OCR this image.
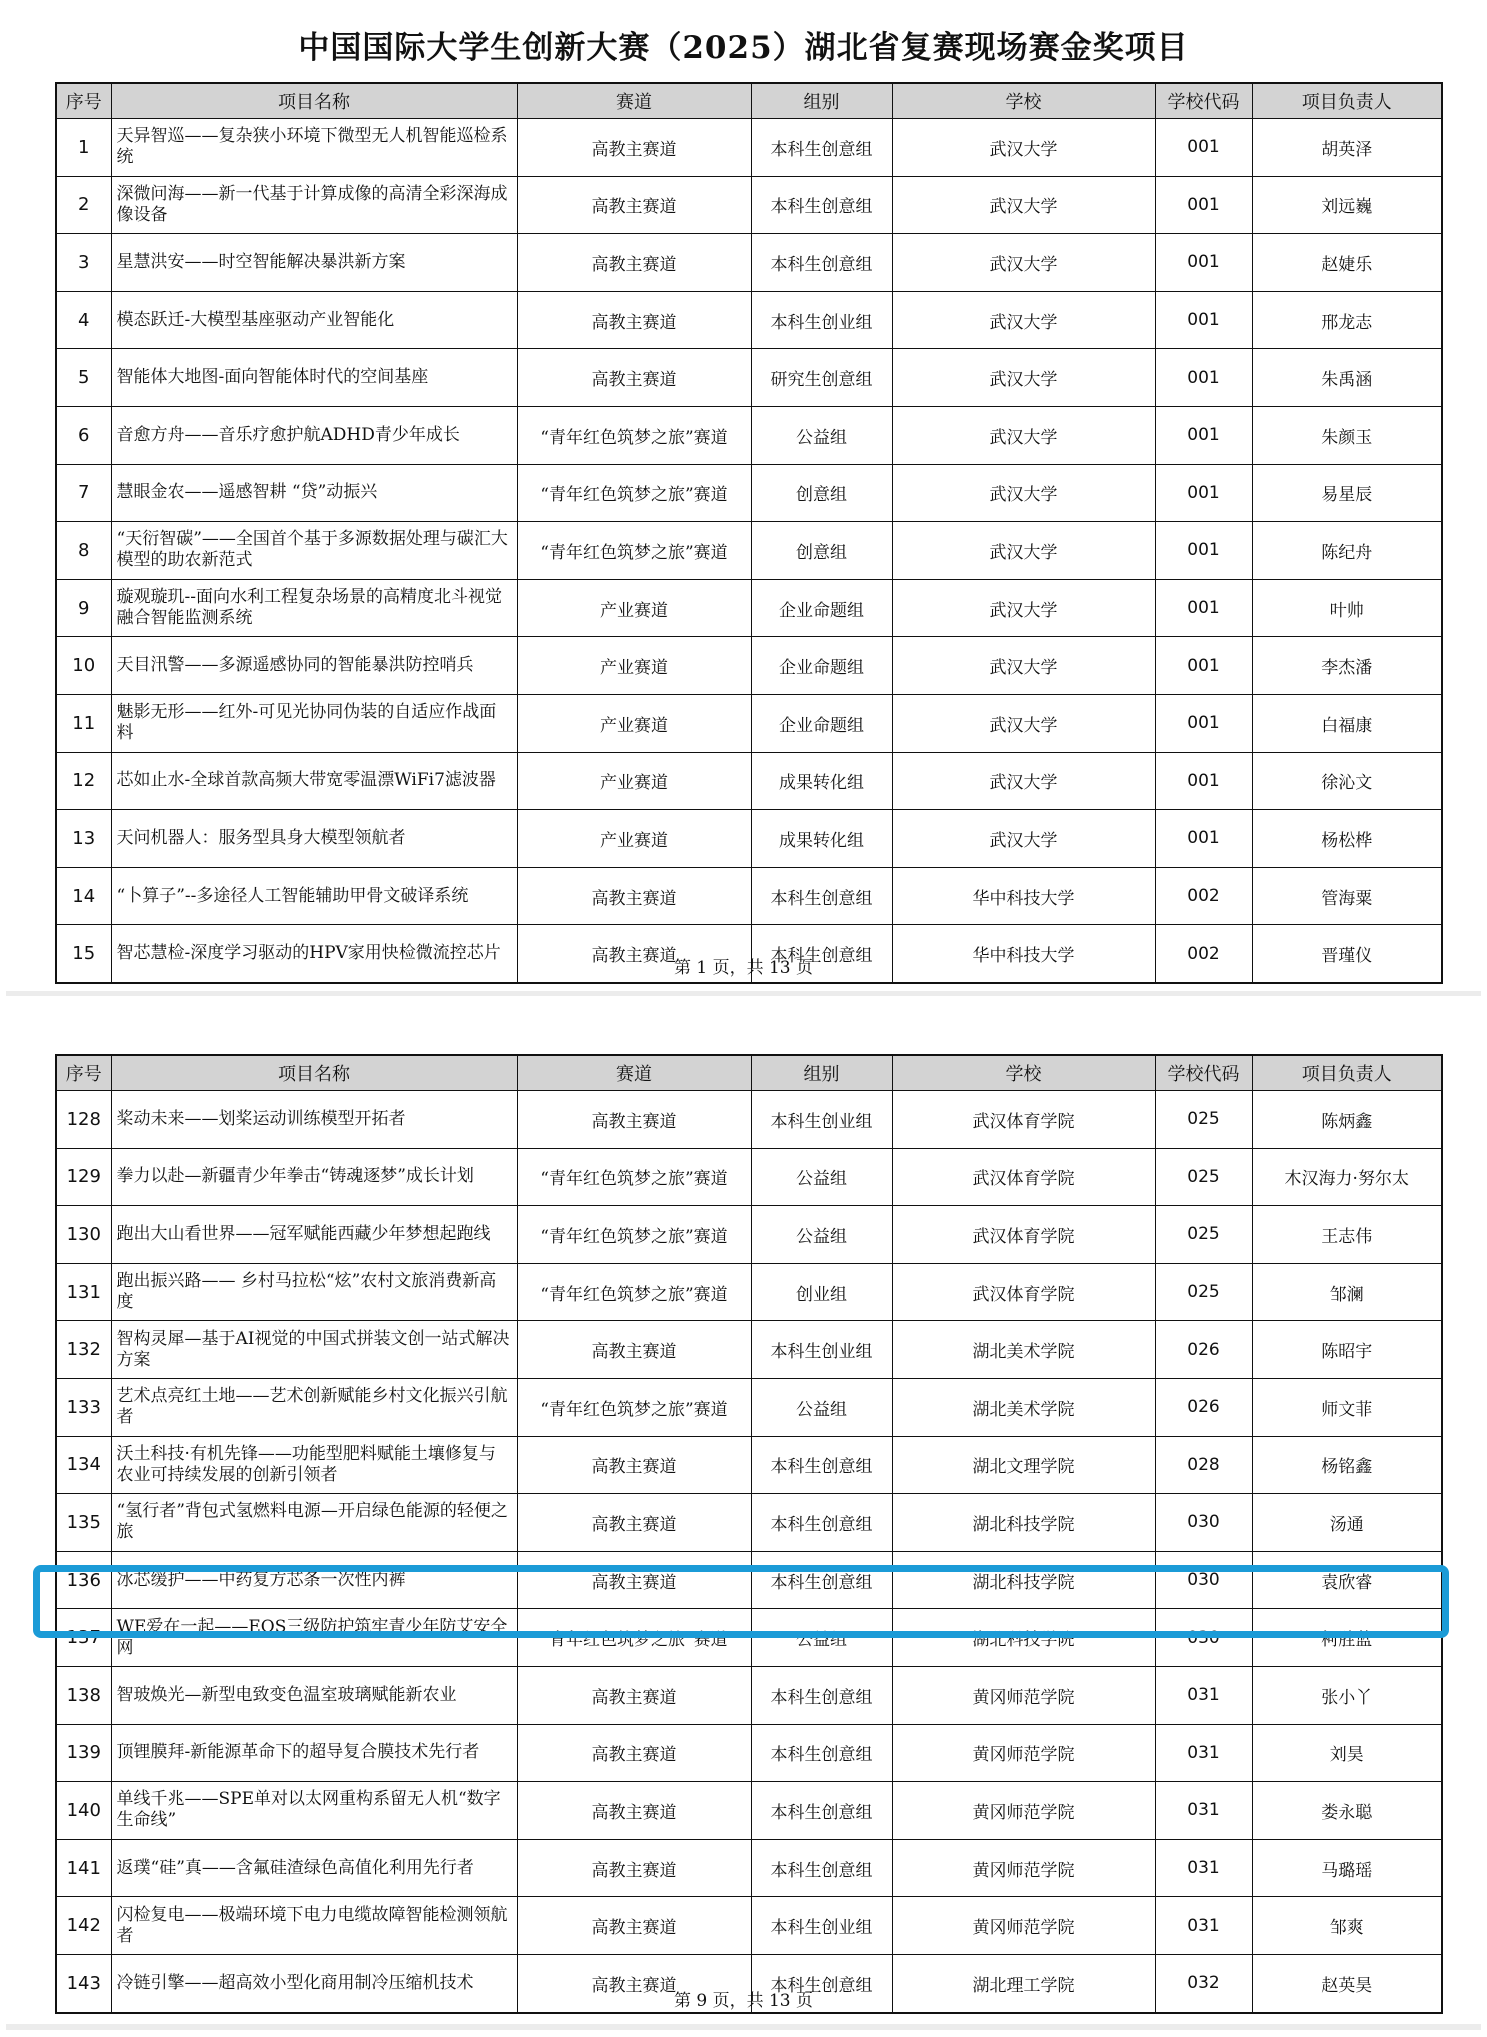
中国国际大学生创新大赛（2025）湖北省复赛现场赛金奖项目
序号	项目名称	赛道	组别	学校	学校代码	项目负责人
1	天异智巡——复杂狭小环境下微型无人机智能巡检系统	高教主赛道	本科生创意组	武汉大学	001	胡英泽
2	深微问海——新一代基于计算成像的高清全彩深海成像设备	高教主赛道	本科生创意组	武汉大学	001	刘远巍
3	星慧洪安——时空智能解决暴洪新方案	高教主赛道	本科生创意组	武汉大学	001	赵婕乐
4	模态跃迁-大模型基座驱动产业智能化	高教主赛道	本科生创业组	武汉大学	001	邢龙志
5	智能体大地图-面向智能体时代的空间基座	高教主赛道	研究生创意组	武汉大学	001	朱禹涵
6	音愈方舟——音乐疗愈护航ADHD青少年成长	“青年红色筑梦之旅”赛道	公益组	武汉大学	001	朱颜玉
7	慧眼金农——遥感智耕 “贷”动振兴	“青年红色筑梦之旅”赛道	创意组	武汉大学	001	易星辰
8	“天衍智碳”——全国首个基于多源数据处理与碳汇大模型的助农新范式	“青年红色筑梦之旅”赛道	创意组	武汉大学	001	陈纪舟
9	璇观璇玑--面向水利工程复杂场景的高精度北斗视觉融合智能监测系统	产业赛道	企业命题组	武汉大学	001	叶帅
10	天目汛警——多源遥感协同的智能暴洪防控哨兵	产业赛道	企业命题组	武汉大学	001	李杰潘
11	魅影无形——红外-可见光协同伪装的自适应作战面料	产业赛道	企业命题组	武汉大学	001	白福康
12	芯如止水-全球首款高频大带宽零温漂WiFi7滤波器	产业赛道	成果转化组	武汉大学	001	徐沁文
13	天问机器人：服务型具身大模型领航者	产业赛道	成果转化组	武汉大学	001	杨松桦
14	“卜算子”--多途径人工智能辅助甲骨文破译系统	高教主赛道	本科生创意组	华中科技大学	002	管海粟
15	智芯慧检-深度学习驱动的HPV家用快检微流控芯片	高教主赛道	本科生创意组	华中科技大学	002	晋瑾仪
第 1 页，共 13 页
序号	项目名称	赛道	组别	学校	学校代码	项目负责人
128	桨动未来——划桨运动训练模型开拓者	高教主赛道	本科生创业组	武汉体育学院	025	陈炳鑫
129	拳力以赴—新疆青少年拳击“铸魂逐梦”成长计划	“青年红色筑梦之旅”赛道	公益组	武汉体育学院	025	木汉海力·努尔太
130	跑出大山看世界——冠军赋能西藏少年梦想起跑线	“青年红色筑梦之旅”赛道	公益组	武汉体育学院	025	王志伟
131	跑出振兴路—— 乡村马拉松“炫”农村文旅消费新高度	“青年红色筑梦之旅”赛道	创业组	武汉体育学院	025	邹澜
132	智构灵犀—基于AI视觉的中国式拼装文创一站式解决方案	高教主赛道	本科生创业组	湖北美术学院	026	陈昭宇
133	艺术点亮红土地——艺术创新赋能乡村文化振兴引航者	“青年红色筑梦之旅”赛道	公益组	湖北美术学院	026	师文菲
134	沃土科技·有机先锋——功能型肥料赋能土壤修复与农业可持续发展的创新引领者	高教主赛道	本科生创意组	湖北文理学院	028	杨铭鑫
135	“氢行者”背包式氢燃料电源—开启绿色能源的轻便之旅	高教主赛道	本科生创意组	湖北科技学院	030	汤通
136	冰芯缓护——中药复方芯条一次性内裤	高教主赛道	本科生创意组	湖北科技学院	030	袁欣睿
137	WE爱在一起——EQS三级防护筑牢青少年防艾安全网	“青年红色筑梦之旅”赛道	公益组	湖北科技学院	030	柯胜蓝
138	智玻焕光—新型电致变色温室玻璃赋能新农业	高教主赛道	本科生创意组	黄冈师范学院	031	张小丫
139	顶锂膜拜-新能源革命下的超导复合膜技术先行者	高教主赛道	本科生创意组	黄冈师范学院	031	刘昊
140	单线千兆——SPE单对以太网重构系留无人机“数字生命线”	高教主赛道	本科生创意组	黄冈师范学院	031	娄永聪
141	返璞“硅”真——含氟硅渣绿色高值化利用先行者	高教主赛道	本科生创意组	黄冈师范学院	031	马璐瑶
142	闪检复电——极端环境下电力电缆故障智能检测领航者	高教主赛道	本科生创业组	黄冈师范学院	031	邹爽
143	冷链引擎——超高效小型化商用制冷压缩机技术	高教主赛道	本科生创意组	湖北理工学院	032	赵英昊
第 9 页，共 13 页
